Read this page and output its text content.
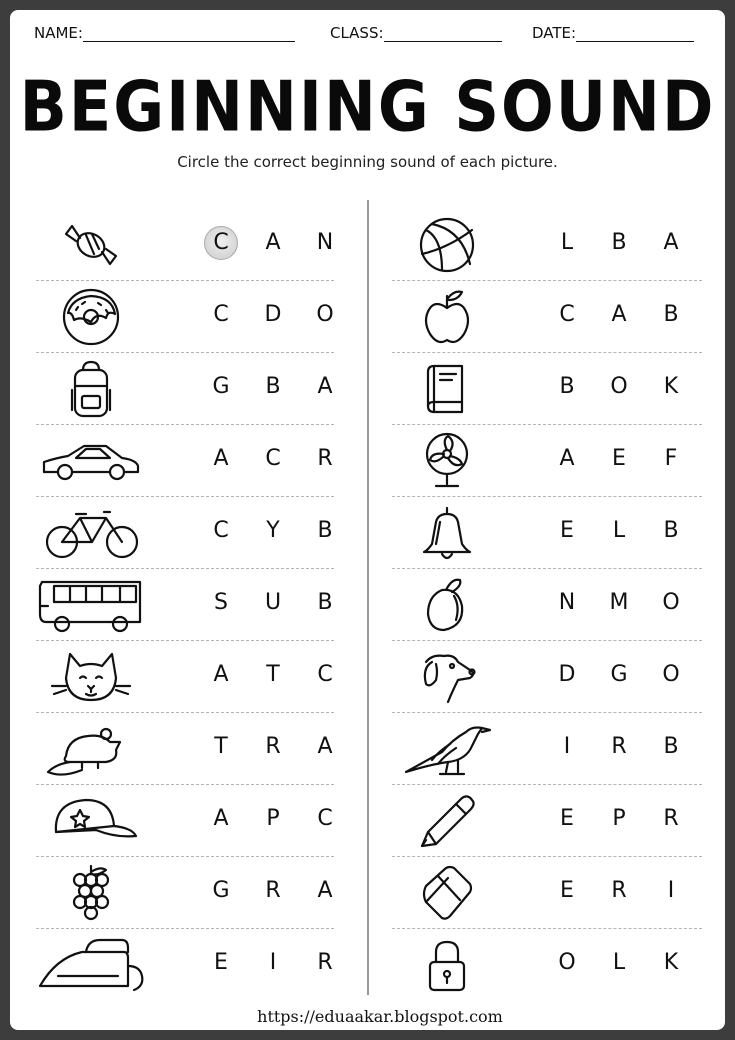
NAME:	CLASS:	DATE:
BEGINNING SOUND
Circle the correct beginning sound of each picture.
C	A	N
C	D	O
G	B	A
A	C	R
C	Y	B
S	U	B
A	T	C
T	R	A
A	P	C
G	R	A
E	I	R
L	B	A
C	A	B
B	O	K
A	E	F
E	L	B
N	M	O
D	G	O
I	R	B
E	P	R
E	R	I
O	L	K
https://eduaakar.blogspot.com
